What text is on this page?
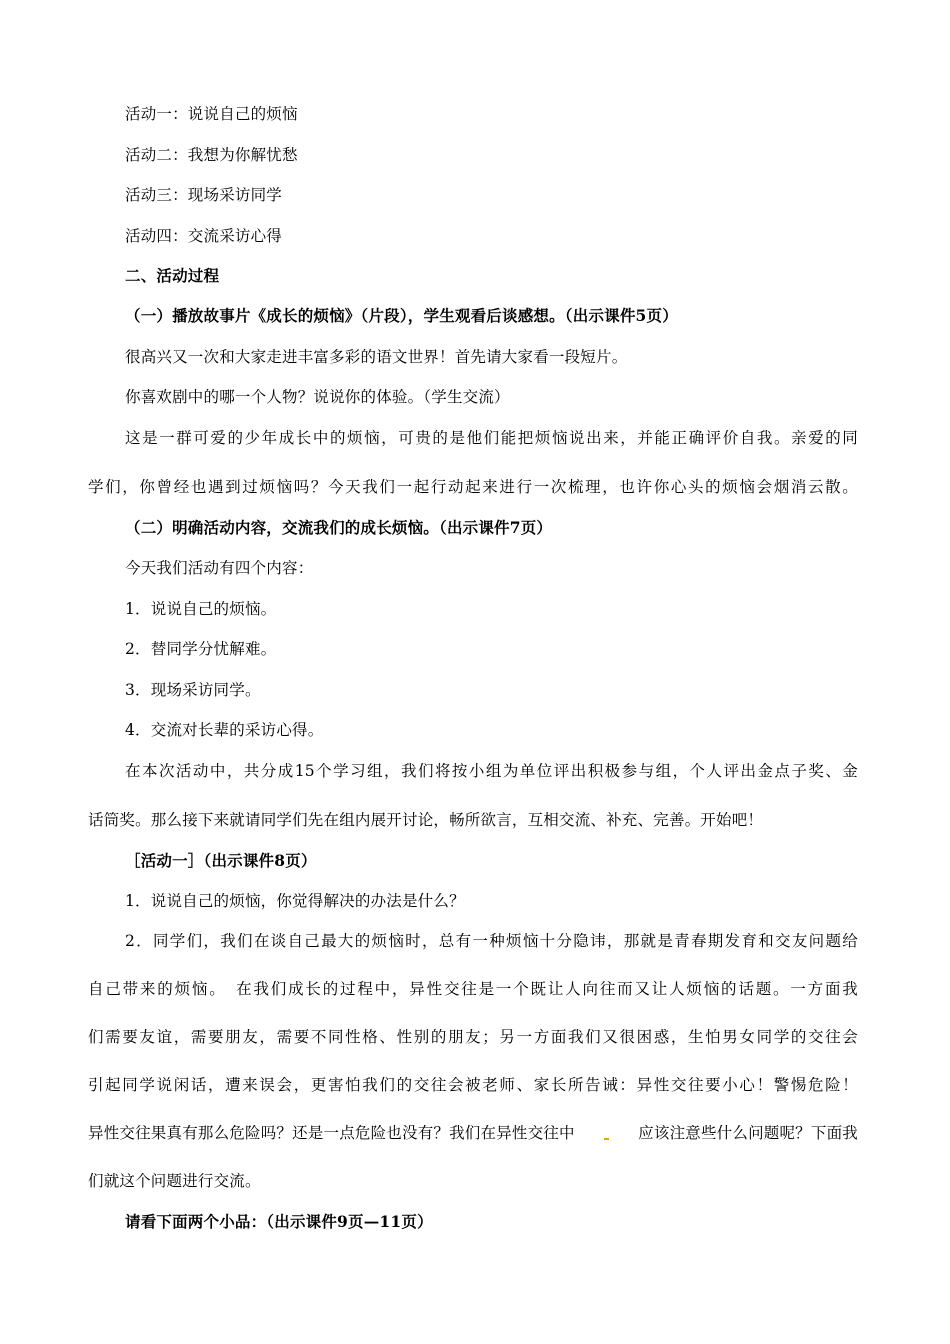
活动一：说说自己的烦恼
活动二：我想为你解忧愁
活动三：现场采访同学
活动四：交流采访心得
二、活动过程
（一）播放故事片《成长的烦恼》（片段），学生观看后谈感想。（出示课件5页）
很高兴又一次和大家走进丰富多彩的语文世界！首先请大家看一段短片。
你喜欢剧中的哪一个人物？说说你的体验。（学生交流）
这是一群可爱的少年成长中的烦恼，可贵的是他们能把烦恼说出来，并能正确评价自我。亲爱的同
学们，你曾经也遇到过烦恼吗？今天我们一起行动起来进行一次梳理，也许你心头的烦恼会烟消云散。
（二）明确活动内容，交流我们的成长烦恼。（出示课件7页）
今天我们活动有四个内容：
1．说说自己的烦恼。
2．替同学分忧解难。
3．现场采访同学。
4．交流对长辈的采访心得。
在本次活动中，共分成15个学习组，我们将按小组为单位评出积极参与组，个人评出金点子奖、金
话筒奖。那么接下来就请同学们先在组内展开讨论，畅所欲言，互相交流、补充、完善。开始吧！
［活动一］（出示课件8页）
1．说说自己的烦恼，你觉得解决的办法是什么？
2．同学们，我们在谈自己最大的烦恼时，总有一种烦恼十分隐讳，那就是青春期发育和交友问题给
自己带来的烦恼。　在我们成长的过程中，异性交往是一个既让人向往而又让人烦恼的话题。一方面我
们需要友谊，需要朋友，需要不同性格、性别的朋友；另一方面我们又很困惑，生怕男女同学的交往会
引起同学说闲话，遭来误会，更害怕我们的交往会被老师、家长所告诫：异性交往要小心！警惕危险！
异性交往果真有那么危险吗？还是一点危险也没有？我们在异性交往中	应该注意些什么问题呢？下面我
们就这个问题进行交流。
请看下面两个小品：（出示课件9页—11页）
